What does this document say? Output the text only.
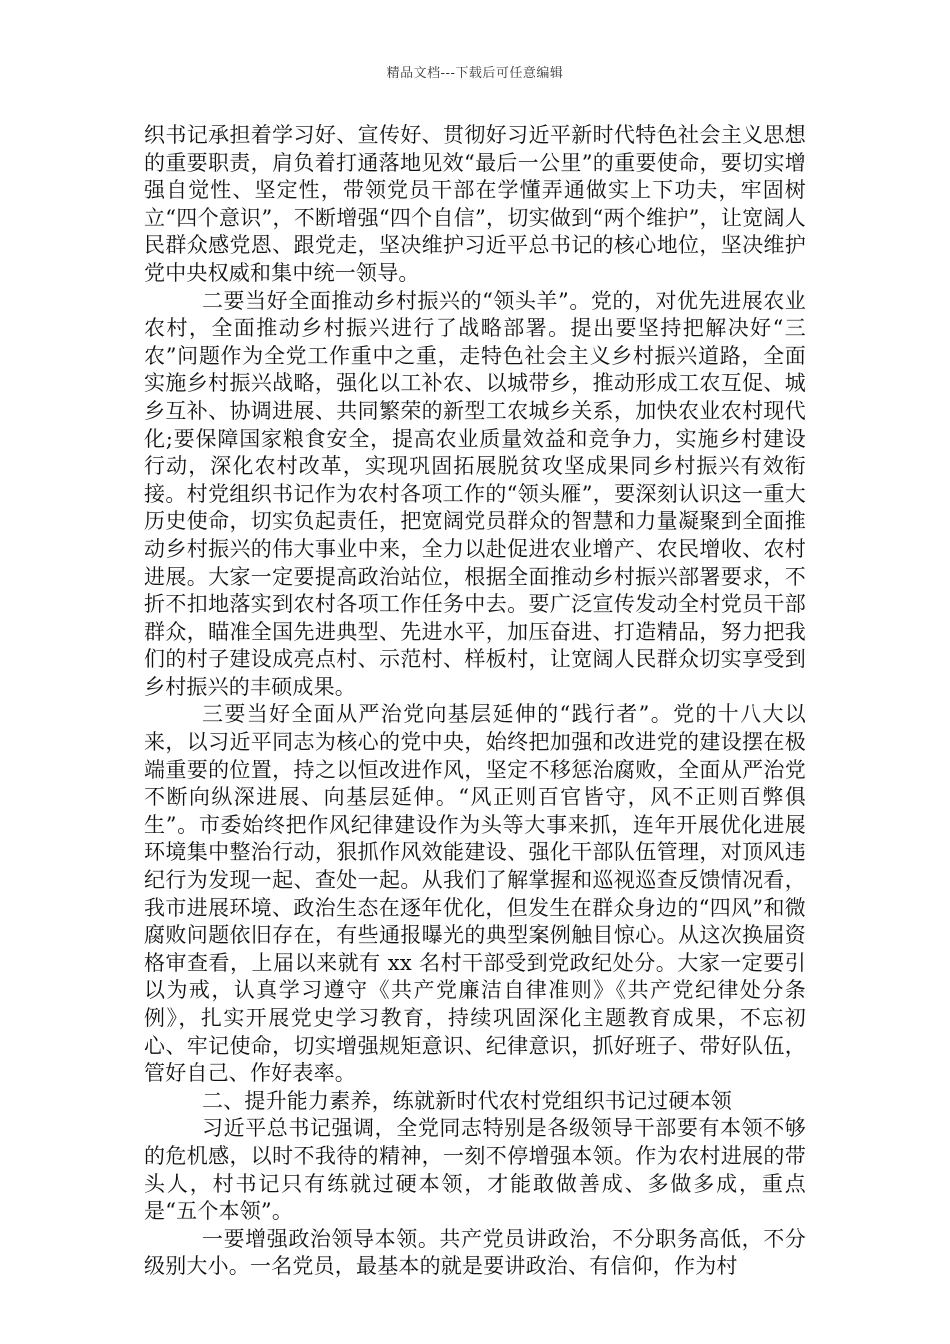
精品文档---下载后可任意编辑

织书记承担着学习好、宣传好、贯彻好习近平新时代特色社会主义思想的重要职责，肩负着打通落地见效“最后一公里”的重要使命，要切实增强自觉性、坚定性，带领党员干部在学懂弄通做实上下功夫，牢固树立“四个意识”，不断增强“四个自信”，切实做到“两个维护”，让宽阔人民群众感党恩、跟党走，坚决维护习近平总书记的核心地位，坚决维护党中央权威和集中统一领导。

二要当好全面推动乡村振兴的“领头羊”。党的，对优先进展农业农村，全面推动乡村振兴进行了战略部署。提出要坚持把解决好“三农”问题作为全党工作重中之重，走特色社会主义乡村振兴道路，全面实施乡村振兴战略，强化以工补农、以城带乡，推动形成工农互促、城乡互补、协调进展、共同繁荣的新型工农城乡关系，加快农业农村现代化;要保障国家粮食安全，提高农业质量效益和竞争力，实施乡村建设行动，深化农村改革，实现巩固拓展脱贫攻坚成果同乡村振兴有效衔接。村党组织书记作为农村各项工作的“领头雁”，要深刻认识这一重大历史使命，切实负起责任，把宽阔党员群众的智慧和力量凝聚到全面推动乡村振兴的伟大事业中来，全力以赴促进农业增产、农民增收、农村进展。大家一定要提高政治站位，根据全面推动乡村振兴部署要求，不折不扣地落实到农村各项工作任务中去。要广泛宣传发动全村党员干部群众，瞄准全国先进典型、先进水平，加压奋进、打造精品，努力把我们的村子建设成亮点村、示范村、样板村，让宽阔人民群众切实享受到乡村振兴的丰硕成果。

三要当好全面从严治党向基层延伸的“践行者”。党的十八大以来，以习近平同志为核心的党中央，始终把加强和改进党的建设摆在极端重要的位置，持之以恒改进作风，坚定不移惩治腐败，全面从严治党不断向纵深进展、向基层延伸。“风正则百官皆守，风不正则百弊俱生”。市委始终把作风纪律建设作为头等大事来抓，连年开展优化进展环境集中整治行动，狠抓作风效能建设、强化干部队伍管理，对顶风违纪行为发现一起、查处一起。从我们了解掌握和巡视巡查反馈情况看，我市进展环境、政治生态在逐年优化，但发生在群众身边的“四风”和微腐败问题依旧存在，有些通报曝光的典型案例触目惊心。从这次换届资格审查看，上届以来就有 xx 名村干部受到党政纪处分。大家一定要引以为戒，认真学习遵守《共产党廉洁自律准则》《共产党纪律处分条例》，扎实开展党史学习教育，持续巩固深化主题教育成果，不忘初心、牢记使命，切实增强规矩意识、纪律意识，抓好班子、带好队伍，管好自己、作好表率。

二、提升能力素养，练就新时代农村党组织书记过硬本领

习近平总书记强调，全党同志特别是各级领导干部要有本领不够的危机感，以时不我待的精神，一刻不停增强本领。作为农村进展的带头人，村书记只有练就过硬本领，才能敢做善成、多做多成，重点是“五个本领”。

一要增强政治领导本领。共产党员讲政治，不分职务高低，不分级别大小。一名党员，最基本的就是要讲政治、有信仰，作为村
